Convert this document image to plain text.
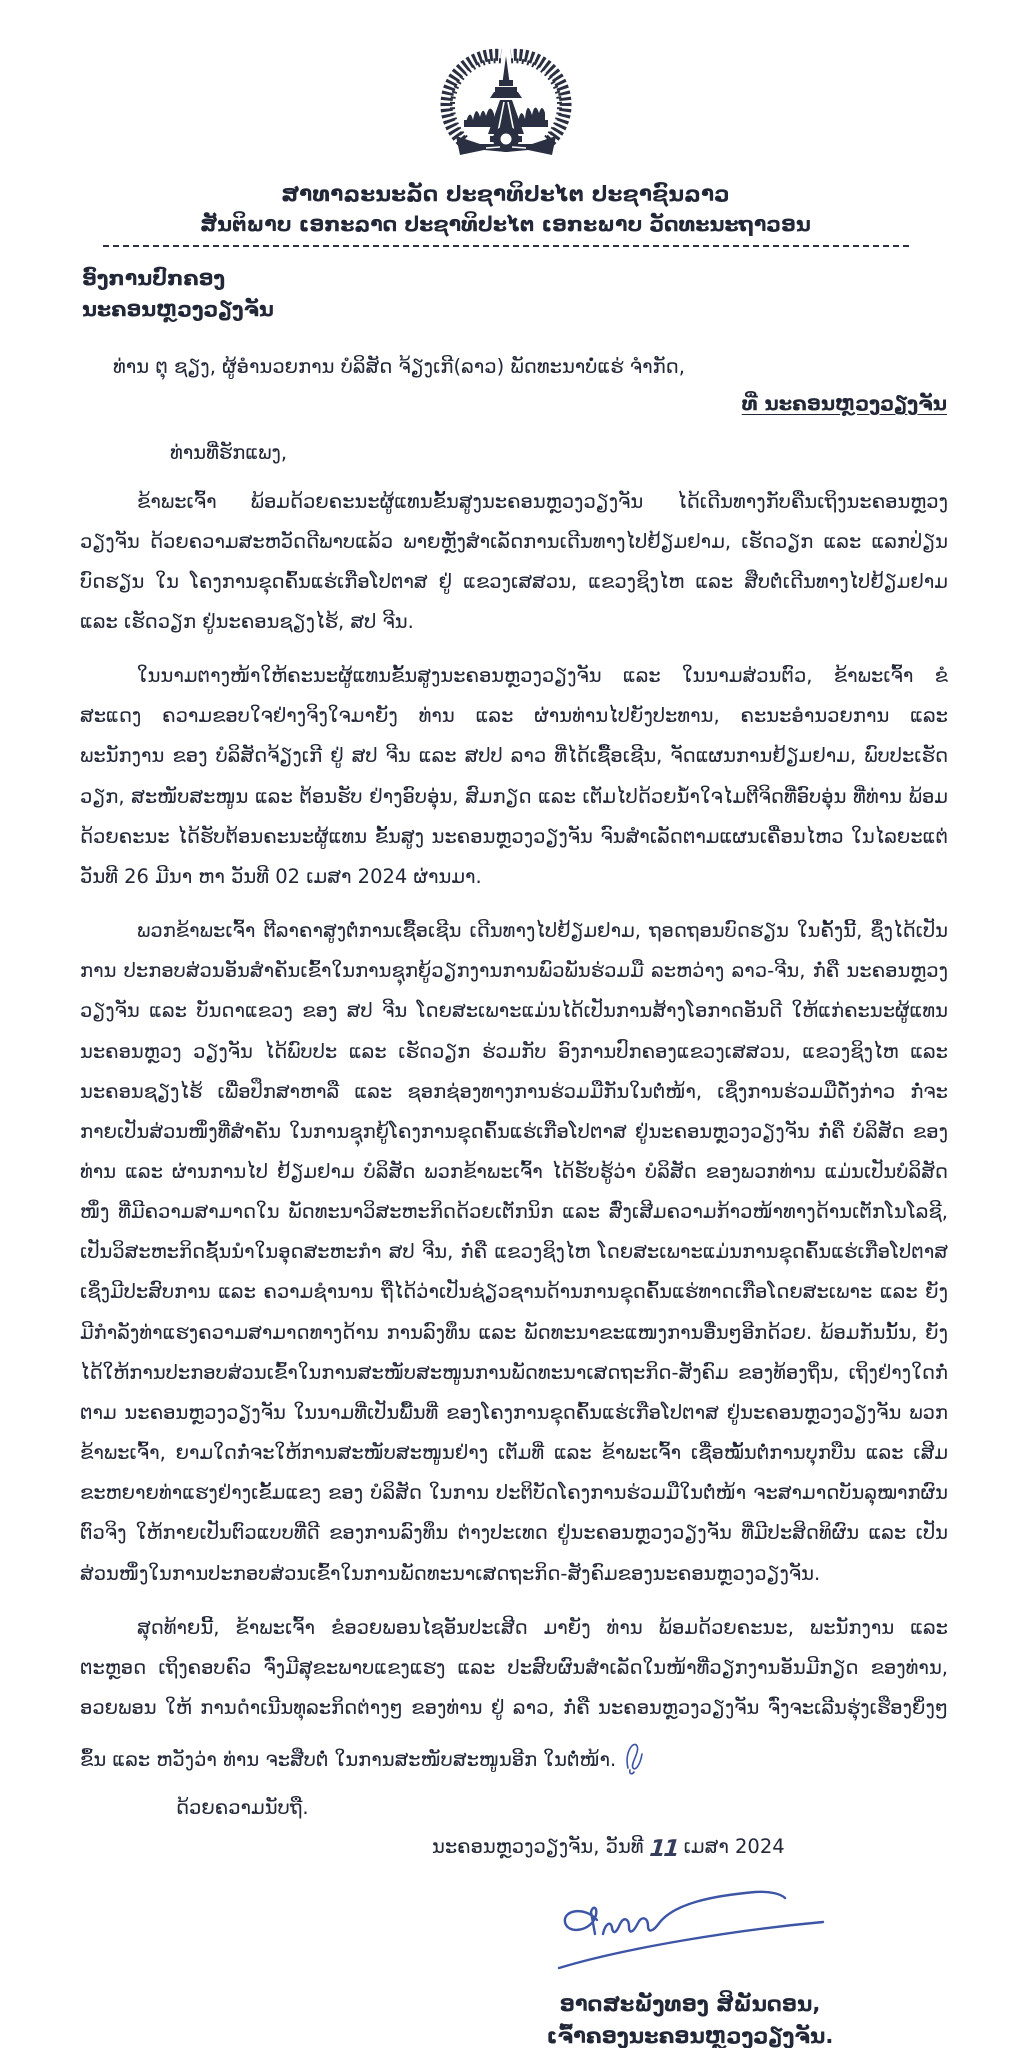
ສາທາລະນະລັດ ປະຊາທິປະໄຕ ປະຊາຊົນລາວ
ສັນຕິພາບ ເອກະລາດ ປະຊາທິປະໄຕ ເອກະພາບ ວັດທະນະຖາວອນ
ອົງການປົກຄອງ
ນະຄອນຫຼວງວຽງຈັນ
ທ່ານ ຕຸ ຊຽງ, ຜູ້ອຳນວຍການ ບໍລິສັດ ຈ້ຽງເກີ(ລາວ) ພັດທະນາບໍ່ແຮ່ ຈຳກັດ,
ທີ່ ນະຄອນຫຼວງວຽງຈັນ
ທ່ານທີ່ຮັກແພງ,

ຂ້າພະເຈົ້າ ພ້ອມດ້ວຍຄະນະຜູ້ແທນຂັ້ນສູງນະຄອນຫຼວງວຽງຈັນ ໄດ້ເດີນທາງກັບຄືນເຖິງນະຄອນຫຼວງວຽງຈັນ ດ້ວຍຄວາມສະຫວັດດີພາບແລ້ວ ພາຍຫຼັງສຳເລັດການເດີນທາງໄປຢ້ຽມຢາມ, ເຮັດວຽກ ແລະ ແລກປ່ຽນບົດຮຽນ ໃນ ໂຄງການຂຸດຄົ້ນແຮ່ເກືອໂປຕາສ ຢູ່ ແຂວງເສສວນ, ແຂວງຊິງໄຫ ແລະ ສືບຕໍ່ເດີນທາງໄປຢ້ຽມຢາມ ແລະ ເຮັດວຽກ ຢູ່ນະຄອນຊຽງໄຮ້, ສປ ຈີນ.

ໃນນາມຕາງໜ້າໃຫ້ຄະນະຜູ້ແທນຂັ້ນສູງນະຄອນຫຼວງວຽງຈັນ ແລະ ໃນນາມສ່ວນຕົວ, ຂ້າພະເຈົ້າ ຂໍສະແດງ ຄວາມຂອບໃຈຢ່າງຈິງໃຈມາຍັງ ທ່ານ ແລະ ຜ່ານທ່ານໄປຍັງປະທານ, ຄະນະອຳນວຍການ ແລະ ພະນັກງານ ຂອງ ບໍລິສັດຈ້ຽງເກີ ຢູ່ ສປ ຈີນ ແລະ ສປປ ລາວ ທີ່ໄດ້ເຊື້ອເຊີນ, ຈັດແຜນການຢ້ຽມຢາມ, ພົບປະເຮັດວຽກ, ສະໜັບສະໜູນ ແລະ ຕ້ອນຮັບ ຢ່າງອົບອຸ່ນ, ສົມກຽດ ແລະ ເຕັມໄປດ້ວຍນ້ຳໃຈໄມຕີຈິດທີ່ອົບອຸ່ນ ທີ່ທ່ານ ພ້ອມດ້ວຍຄະນະ ໄດ້ຮັບຕ້ອນຄະນະຜູ້ແທນ ຂັ້ນສູງ ນະຄອນຫຼວງວຽງຈັນ ຈົນສຳເລັດຕາມແຜນເຄື່ອນໄຫວ ໃນໄລຍະແຕ່ວັນທີ 26 ມີນາ ຫາ ວັນທີ 02 ເມສາ 2024 ຜ່ານມາ.

ພວກຂ້າພະເຈົ້າ ຕີລາຄາສູງຕໍ່ການເຊື້ອເຊີນ ເດີນທາງໄປຢ້ຽມຢາມ, ຖອດຖອນບົດຮຽນ ໃນຄັ້ງນີ້, ຊຶ່ງໄດ້ເປັນການ ປະກອບສ່ວນອັນສຳຄັນເຂົ້າໃນການຊຸກຍູ້ວຽກງານການພົວພັນຮ່ວມມື ລະຫວ່າງ ລາວ-ຈີນ, ກໍ່ຄື ນະຄອນຫຼວງວຽງຈັນ ແລະ ບັນດາແຂວງ ຂອງ ສປ ຈີນ ໂດຍສະເພາະແມ່ນໄດ້ເປັນການສ້າງໂອກາດອັນດີ ໃຫ້ແກ່ຄະນະຜູ້ແທນນະຄອນຫຼວງ ວຽງຈັນ ໄດ້ພົບປະ ແລະ ເຮັດວຽກ ຮ່ວມກັບ ອົງການປົກຄອງແຂວງເສສວນ, ແຂວງຊິງໄຫ ແລະ ນະຄອນຊຽງໄຮ້ ເພື່ອປຶກສາຫາລື ແລະ ຊອກຊ່ອງທາງການຮ່ວມມືກັນໃນຕໍ່ໜ້າ, ເຊິ່ງການຮ່ວມມືດັ່ງກ່າວ ກໍ່ຈະກາຍເປັນສ່ວນໜຶ່ງທີ່ສຳຄັນ ໃນການຊຸກຍູ້ໂຄງການຂຸດຄົ້ນແຮ່ເກືອໂປຕາສ ຢູ່ນະຄອນຫຼວງວຽງຈັນ ກໍ່ຄື ບໍລິສັດ ຂອງທ່ານ ແລະ ຜ່ານການໄປ ຢ້ຽມຢາມ ບໍລິສັດ ພວກຂ້າພະເຈົ້າ ໄດ້ຮັບຮູ້ວ່າ ບໍລິສັດ ຂອງພວກທ່ານ ແມ່ນເປັນບໍລິສັດໜຶ່ງ ທີ່ມີຄວາມສາມາດໃນ ພັດທະນາວິສະຫະກິດດ້ວຍເຕັກນິກ ແລະ ສົ່ງເສີມຄວາມກ້າວໜ້າທາງດ້ານເຕັກໂນໂລຊີ, ເປັນວິສະຫະກິດຊັ້ນນຳໃນອຸດສະຫະກຳ ສປ ຈີນ, ກໍ່ຄື ແຂວງຊິງໄຫ ໂດຍສະເພາະແມ່ນການຂຸດຄົ້ນແຮ່ເກືອໂປຕາສ ເຊິ່ງມີປະສົບການ ແລະ ຄວາມຊຳນານ ຖືໄດ້ວ່າເປັນຊ່ຽວຊານດ້ານການຂຸດຄົ້ນແຮ່ທາດເກືອໂດຍສະເພາະ ແລະ ຍັງມີກຳລັງທ່າແຮງຄວາມສາມາດທາງດ້ານ ການລົງທຶນ ແລະ ພັດທະນາຂະແໜງການອື່ນໆອີກດ້ວຍ. ພ້ອມກັນນັ້ນ, ຍັງໄດ້ໃຫ້ການປະກອບສ່ວນເຂົ້າໃນການສະໜັບສະໜູນການພັດທະນາເສດຖະກິດ-ສັງຄົມ ຂອງທ້ອງຖິ່ນ, ເຖິງຢ່າງໃດກໍ່ຕາມ ນະຄອນຫຼວງວຽງຈັນ ໃນນາມທີ່ເປັນພື້ນທີ່ ຂອງໂຄງການຂຸດຄົ້ນແຮ່ເກືອໂປຕາສ ຢູ່ນະຄອນຫຼວງວຽງຈັນ ພວກຂ້າພະເຈົ້າ, ຍາມໃດກໍ່ຈະໃຫ້ການສະໜັບສະໜູນຢ່າງ ເຕັມທີ່ ແລະ ຂ້າພະເຈົ້າ ເຊື່ອໝັ້ນຕໍ່ການບຸກບືນ ແລະ ເສີມຂະຫຍາຍທ່າແຮງຢ່າງເຂັ້ມແຂງ ຂອງ ບໍລິສັດ ໃນການ ປະຕິບັດໂຄງການຮ່ວມມືໃນຕໍ່ໜ້າ ຈະສາມາດບັນລຸໝາກຜົນຕົວຈິງ ໃຫ້ກາຍເປັນຕົວແບບທີ່ດີ ຂອງການລົງທຶນ ຕ່າງປະເທດ ຢູ່ນະຄອນຫຼວງວຽງຈັນ ທີ່ມີປະສິດທິຜົນ ແລະ ເປັນສ່ວນໜຶ່ງໃນການປະກອບສ່ວນເຂົ້າໃນການພັດທະນາເສດຖະກິດ-ສັງຄົມຂອງນະຄອນຫຼວງວຽງຈັນ.

ສຸດທ້າຍນີ້, ຂ້າພະເຈົ້າ ຂໍອວຍພອນໄຊອັນປະເສີດ ມາຍັງ ທ່ານ ພ້ອມດ້ວຍຄະນະ, ພະນັກງານ ແລະ ຕະຫຼອດ ເຖິງຄອບຄົວ ຈົ່ງມີສຸຂະພາບແຂງແຮງ ແລະ ປະສົບຜົນສຳເລັດໃນໜ້າທີ່ວຽກງານອັນມີກຽດ ຂອງທ່ານ, ອວຍພອນ ໃຫ້ ການດຳເນີນທຸລະກິດຕ່າງໆ ຂອງທ່ານ ຢູ່ ລາວ, ກໍ່ຄື ນະຄອນຫຼວງວຽງຈັນ ຈົ່ງຈະເລີນຮຸ່ງເຮືອງຍິ່ງໆຂຶ້ນ ແລະ ຫວັງວ່າ ທ່ານ ຈະສືບຕໍ່ ໃນການສະໜັບສະໜູນອີກ ໃນຕໍ່ໜ້າ.

ດ້ວຍຄວາມນັບຖື.
ນະຄອນຫຼວງວຽງຈັນ, ວັນທີ 11 ເມສາ 2024
ອາດສະພັງທອງ ສິພັນດອນ,
ເຈົ້າຄອງນະຄອນຫຼວງວຽງຈັນ.
